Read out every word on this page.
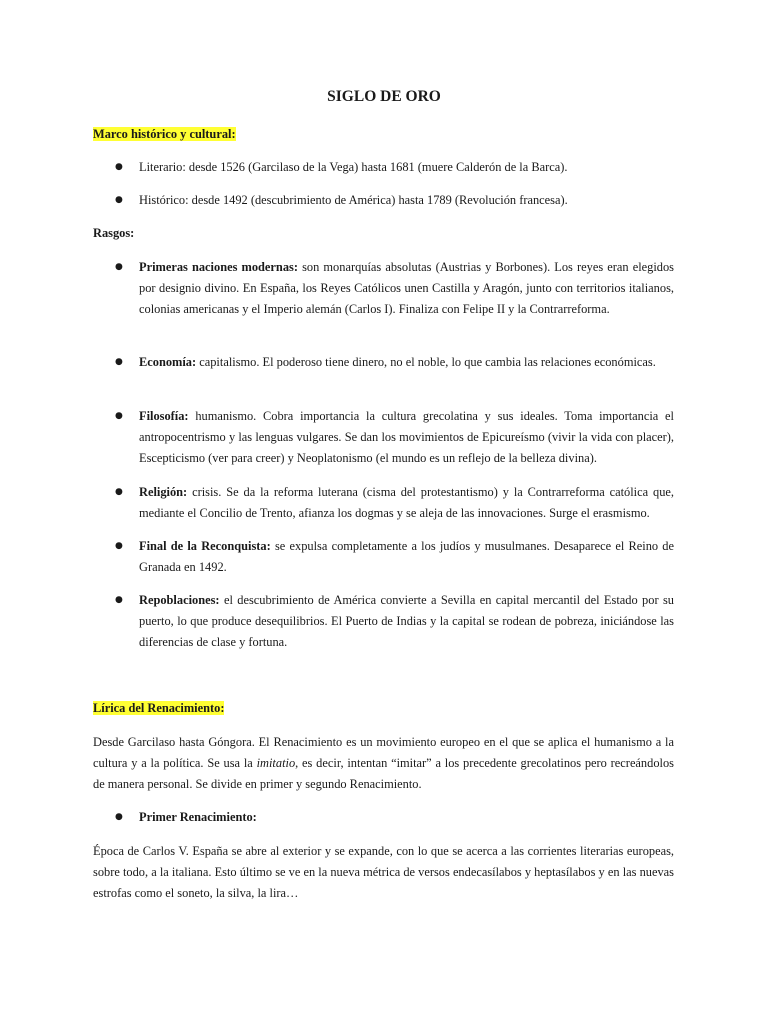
SIGLO DE ORO
Marco histórico y cultural:
●	Literario: desde 1526 (Garcilaso de la Vega) hasta 1681 (muere Calderón de la Barca).
●	Histórico: desde 1492 (descubrimiento de América) hasta 1789 (Revolución francesa).
Rasgos:
●	Primeras naciones modernas: son monarquías absolutas (Austrias y Borbones). Los reyes eran elegidos por designio divino. En España, los Reyes Católicos unen Castilla y Aragón, junto con territorios italianos, colonias americanas y el Imperio alemán (Carlos I). Finaliza con Felipe II y la Contrarreforma.
●	Economía: capitalismo. El poderoso tiene dinero, no el noble, lo que cambia las relaciones económicas.
●	Filosofía: humanismo. Cobra importancia la cultura grecolatina y sus ideales. Toma importancia el antropocentrismo y las lenguas vulgares. Se dan los movimientos de Epicureísmo (vivir la vida con placer), Escepticismo (ver para creer) y Neoplatonismo (el mundo es un reflejo de la belleza divina).
●	Religión: crisis. Se da la reforma luterana (cisma del protestantismo) y la Contrarreforma católica que, mediante el Concilio de Trento, afianza los dogmas y se aleja de las innovaciones. Surge el erasmismo.
●	Final de la Reconquista: se expulsa completamente a los judíos y musulmanes. Desaparece el Reino de Granada en 1492.
●	Repoblaciones: el descubrimiento de América convierte a Sevilla en capital mercantil del Estado por su puerto, lo que produce desequilibrios. El Puerto de Indias y la capital se rodean de pobreza, iniciándose las diferencias de clase y fortuna.
Lírica del Renacimiento:
Desde Garcilaso hasta Góngora. El Renacimiento es un movimiento europeo en el que se aplica el humanismo a la cultura y a la política. Se usa la imitatio, es decir, intentan “imitar” a los precedente grecolatinos pero recreándolos de manera personal. Se divide en primer y segundo Renacimiento.
●	Primer Renacimiento:
Época de Carlos V. España se abre al exterior y se expande, con lo que se acerca a las corrientes literarias europeas, sobre todo, a la italiana. Esto último se ve en la nueva métrica de versos endecasílabos y heptasílabos y en las nuevas estrofas como el soneto, la silva, la lira…
